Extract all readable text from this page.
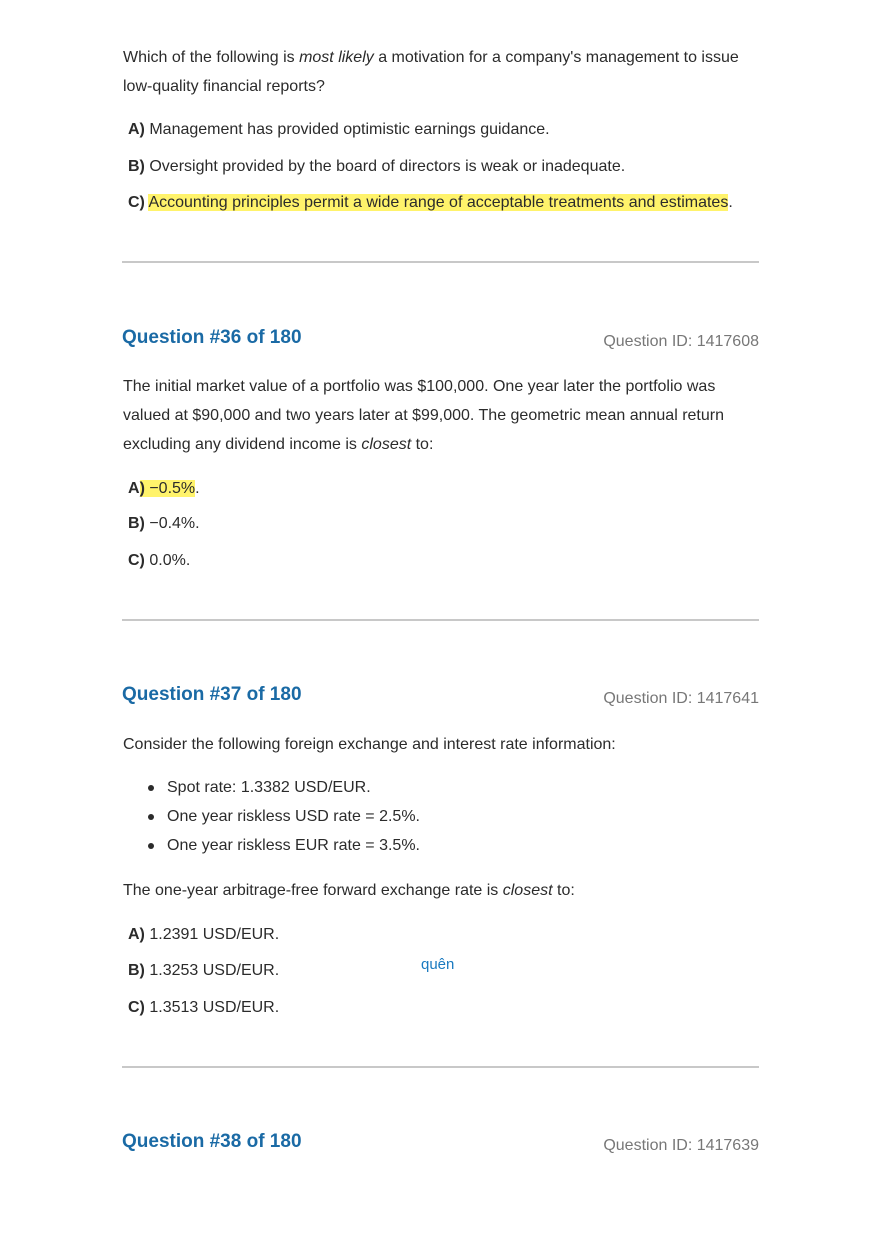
Which of the following is most likely a motivation for a company's management to issue low-quality financial reports?

A) Management has provided optimistic earnings guidance.
B) Oversight provided by the board of directors is weak or inadequate.
C) Accounting principles permit a wide range of acceptable treatments and estimates.
Question #36 of 180	Question ID: 1417608

The initial market value of a portfolio was $100,000. One year later the portfolio was valued at $90,000 and two years later at $99,000. The geometric mean annual return excluding any dividend income is closest to:

A) −0.5%.
B) −0.4%.
C) 0.0%.
Question #37 of 180	Question ID: 1417641

Consider the following foreign exchange and interest rate information:

Spot rate: 1.3382 USD/EUR.
One year riskless USD rate = 2.5%.
One year riskless EUR rate = 3.5%.

The one-year arbitrage-free forward exchange rate is closest to:

A) 1.2391 USD/EUR.
B) 1.3253 USD/EUR.
C) 1.3513 USD/EUR.
quên
Question #38 of 180	Question ID: 1417639
